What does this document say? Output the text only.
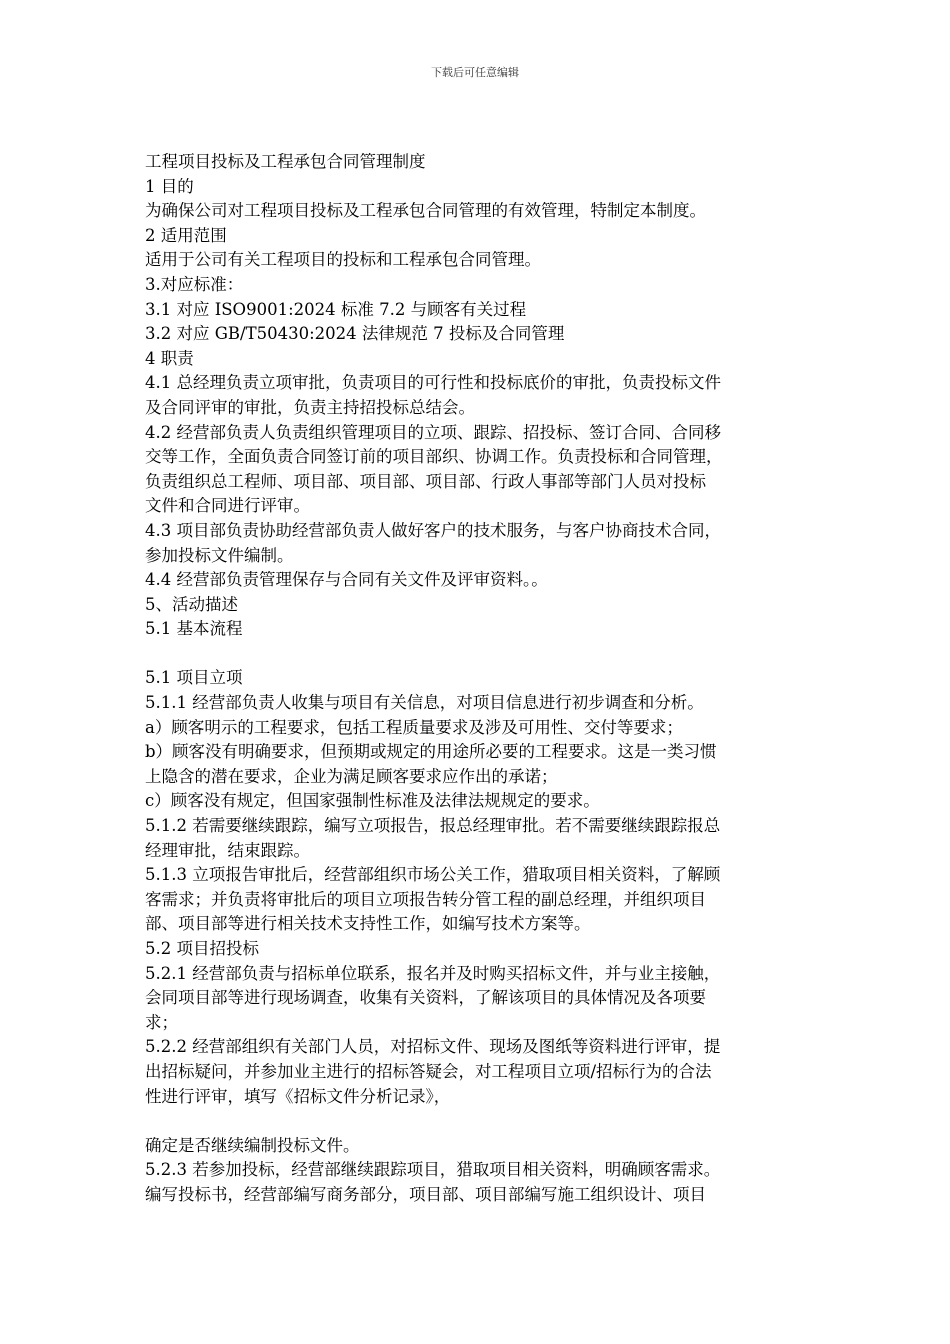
下载后可任意编辑
工程项目投标及工程承包合同管理制度
1 目的
为确保公司对工程项目投标及工程承包合同管理的有效管理，特制定本制度。
2 适用范围
适用于公司有关工程项目的投标和工程承包合同管理。
3.对应标准：
3.1 对应 ISO9001:2024 标准 7.2 与顾客有关过程
3.2 对应 GB/T50430:2024 法律规范 7 投标及合同管理
4 职责
4.1 总经理负责立项审批，负责项目的可行性和投标底价的审批，负责投标文件
及合同评审的审批，负责主持招投标总结会。
4.2 经营部负责人负责组织管理项目的立项、跟踪、招投标、签订合同、合同移
交等工作，全面负责合同签订前的项目部织、协调工作。负责投标和合同管理，
负责组织总工程师、项目部、项目部、项目部、行政人事部等部门人员对投标
文件和合同进行评审。
4.3 项目部负责协助经营部负责人做好客户的技术服务，与客户协商技术合同，
参加投标文件编制。
4.4 经营部负责管理保存与合同有关文件及评审资料。。
5、活动描述
5.1 基本流程
5.1 项目立项
5.1.1 经营部负责人收集与项目有关信息，对项目信息进行初步调查和分析。
a）顾客明示的工程要求，包括工程质量要求及涉及可用性、交付等要求；
b）顾客没有明确要求，但预期或规定的用途所必要的工程要求。这是一类习惯
上隐含的潜在要求，企业为满足顾客要求应作出的承诺；
c）顾客没有规定，但国家强制性标准及法律法规规定的要求。
5.1.2 若需要继续跟踪，编写立项报告，报总经理审批。若不需要继续跟踪报总
经理审批，结束跟踪。
5.1.3 立项报告审批后，经营部组织市场公关工作，猎取项目相关资料，了解顾
客需求；并负责将审批后的项目立项报告转分管工程的副总经理，并组织项目
部、项目部等进行相关技术支持性工作，如编写技术方案等。
5.2 项目招投标
5.2.1 经营部负责与招标单位联系，报名并及时购买招标文件，并与业主接触，
会同项目部等进行现场调查，收集有关资料，了解该项目的具体情况及各项要
求；
5.2.2 经营部组织有关部门人员，对招标文件、现场及图纸等资料进行评审，提
出招标疑问，并参加业主进行的招标答疑会，对工程项目立项/招标行为的合法
性进行评审，填写《招标文件分析记录》，
确定是否继续编制投标文件。
5.2.3 若参加投标，经营部继续跟踪项目，猎取项目相关资料，明确顾客需求。
编写投标书，经营部编写商务部分，项目部、项目部编写施工组织设计、项目
